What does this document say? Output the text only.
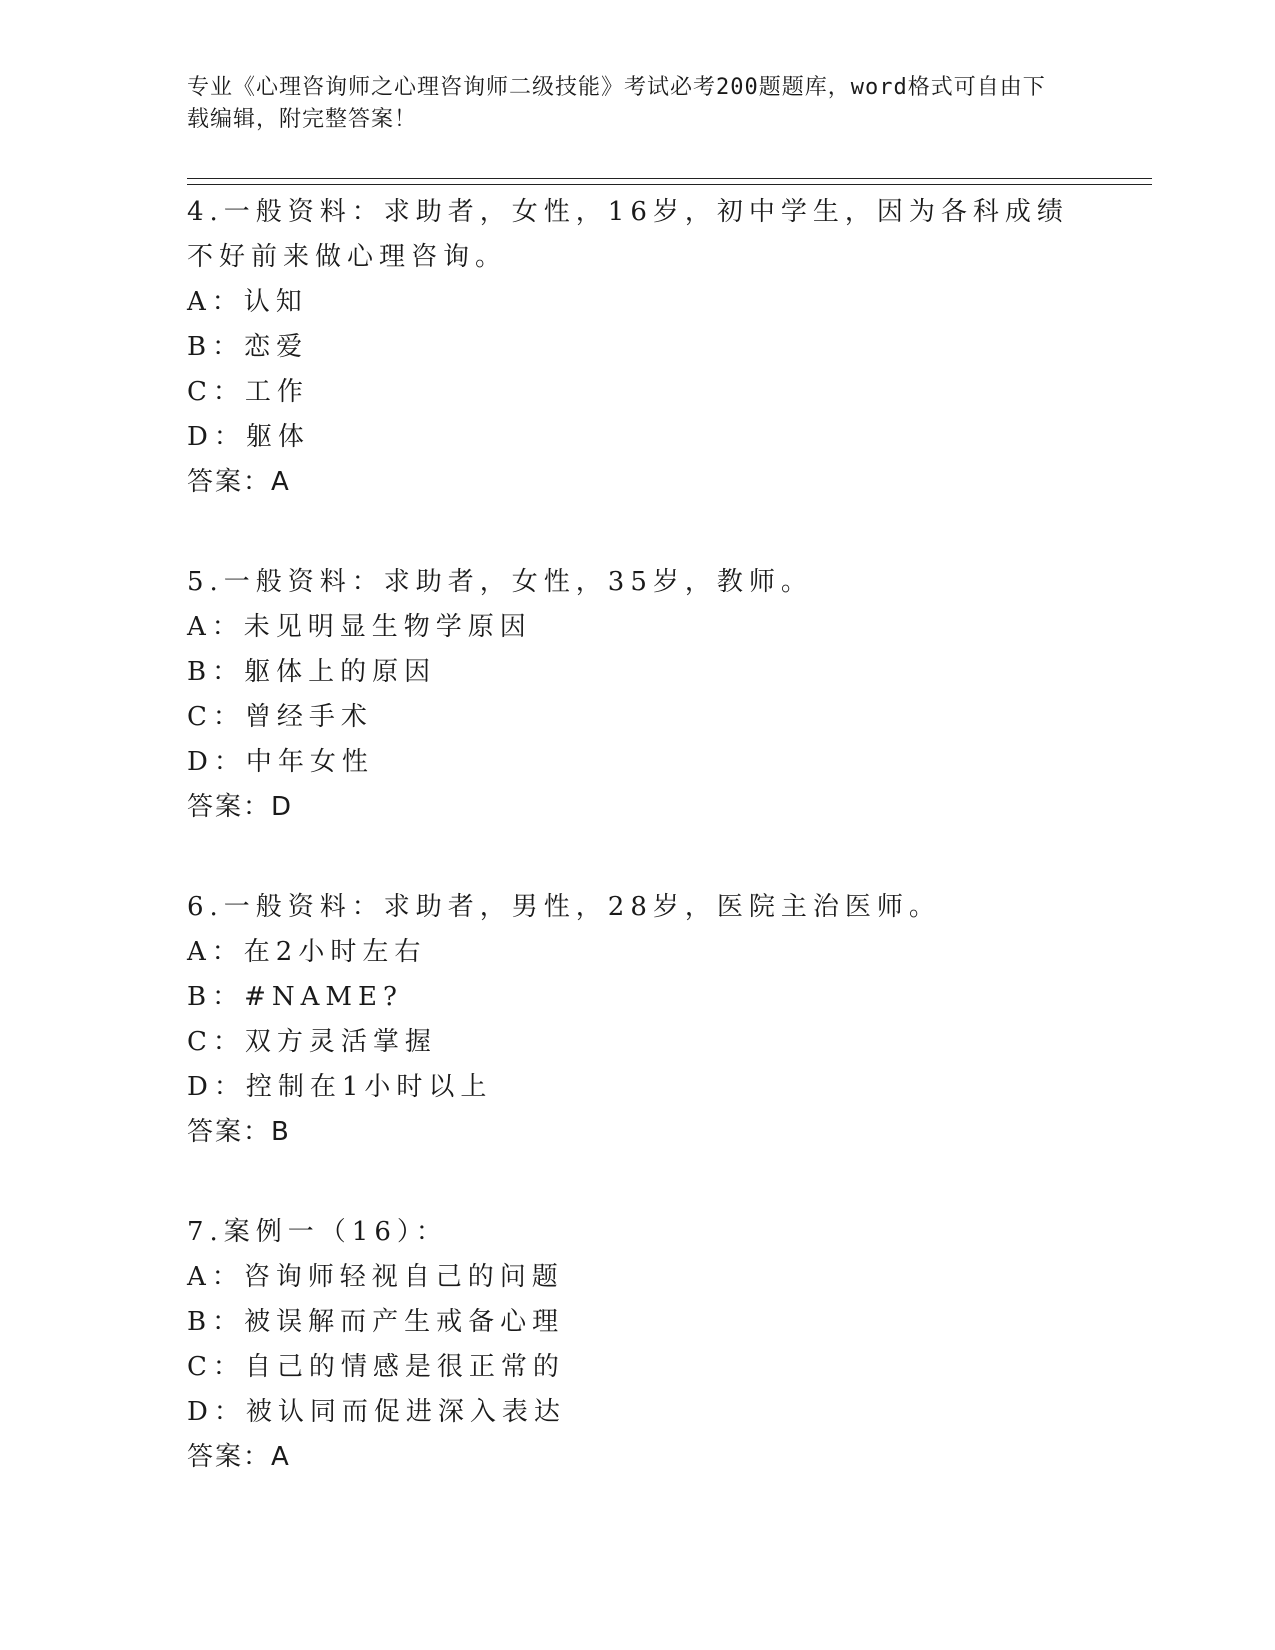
专业《心理咨询师之心理咨询师二级技能》考试必考200题题库，word格式可自由下载编辑，附完整答案！
4.一般资料：求助者，女性，16岁，初中学生，因为各科成绩不好前来做心理咨询。
A：认知
B：恋爱
C：工作
D：躯体
答案：A
5.一般资料：求助者，女性，35岁，教师。
A：未见明显生物学原因
B：躯体上的原因
C：曾经手术
D：中年女性
答案：D
6.一般资料：求助者，男性，28岁，医院主治医师。
A：在2小时左右
B：#NAME?
C：双方灵活掌握
D：控制在1小时以上
答案：B
7.案例一（16）：
A：咨询师轻视自己的问题
B：被误解而产生戒备心理
C：自己的情感是很正常的
D：被认同而促进深入表达
答案：A
